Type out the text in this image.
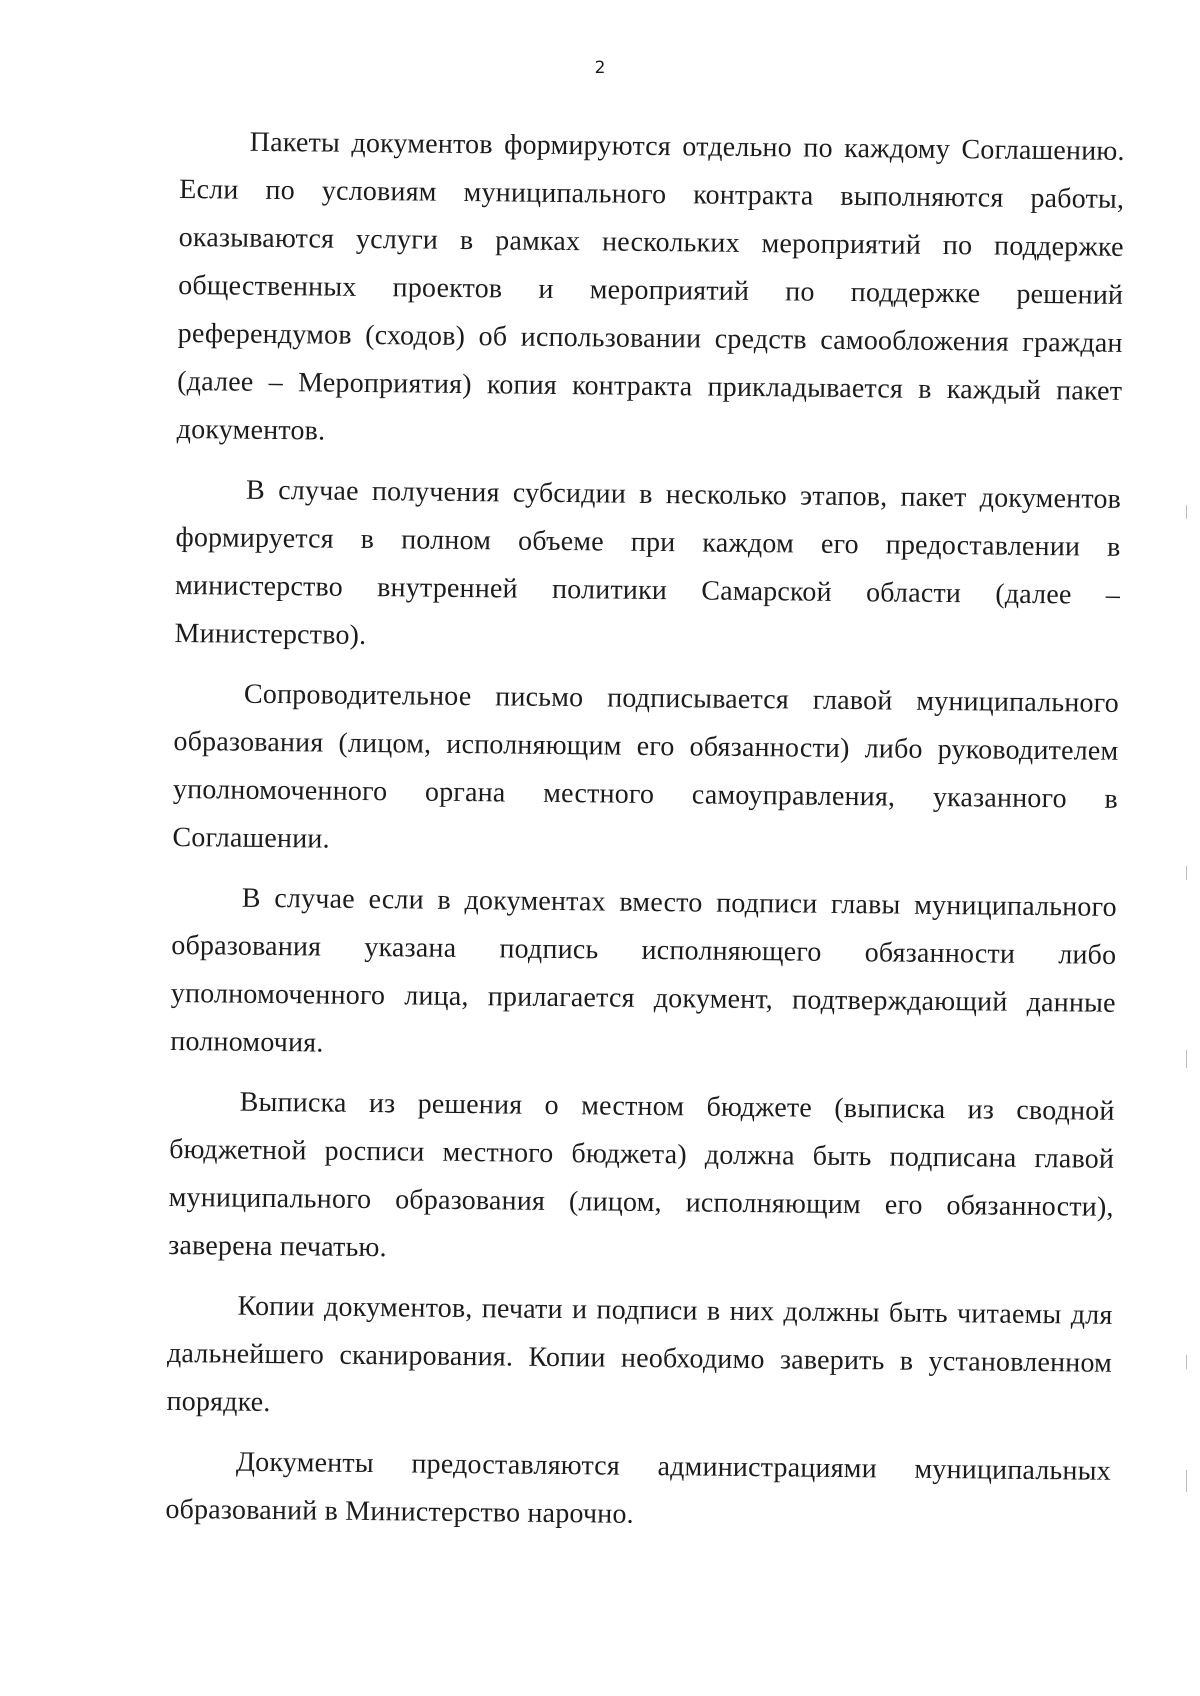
2

Пакеты документов формируются отдельно по каждому Соглашению. Если по условиям муниципального контракта выполняются работы, оказываются услуги в рамках нескольких мероприятий по поддержке общественных проектов и мероприятий по поддержке решений референдумов (сходов) об использовании средств самообложения граждан (далее – Мероприятия) копия контракта прикладывается в каждый пакет документов.

В случае получения субсидии в несколько этапов, пакет документов формируется в полном объеме при каждом его предоставлении в министерство внутренней политики Самарской области (далее – Министерство).

Сопроводительное письмо подписывается главой муниципального образования (лицом, исполняющим его обязанности) либо руководителем уполномоченного органа местного самоуправления, указанного в Соглашении.

В случае если в документах вместо подписи главы муниципального образования указана подпись исполняющего обязанности либо уполномоченного лица, прилагается документ, подтверждающий данные полномочия.

Выписка из решения о местном бюджете (выписка из сводной бюджетной росписи местного бюджета) должна быть подписана главой муниципального образования (лицом, исполняющим его обязанности), заверена печатью.

Копии документов, печати и подписи в них должны быть читаемы для дальнейшего сканирования. Копии необходимо заверить в установленном порядке.

Документы предоставляются администрациями муниципальных образований в Министерство нарочно.
